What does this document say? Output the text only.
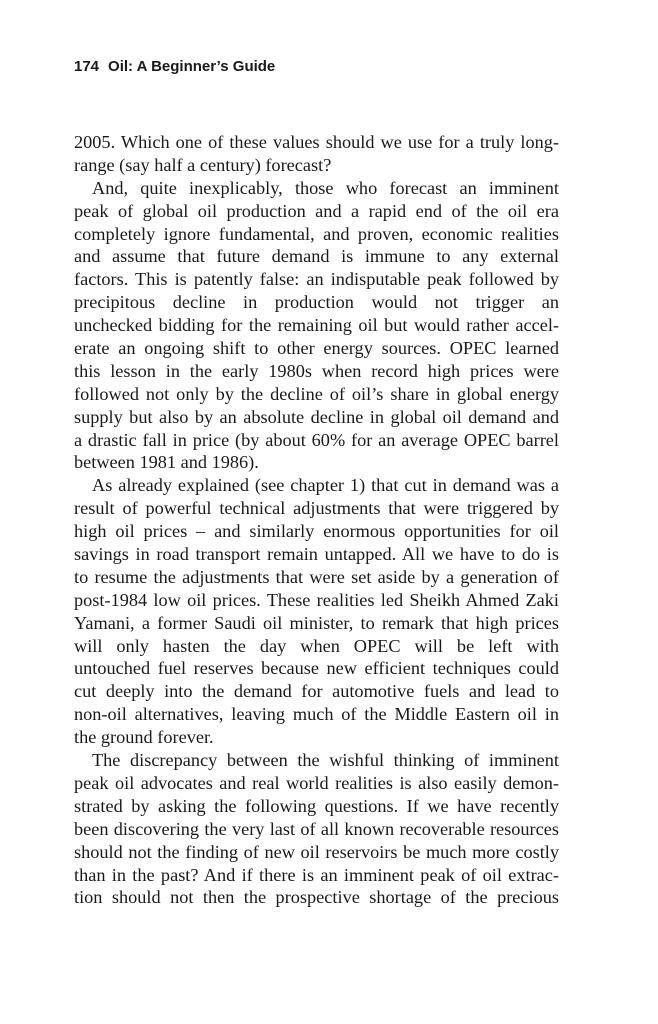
174 Oil: A Beginner’s Guide
2005. Which one of these values should we use for a truly long-
range (say half a century) forecast?
And, quite inexplicably, those who forecast an imminent
peak of global oil production and a rapid end of the oil era
completely ignore fundamental, and proven, economic realities
and assume that future demand is immune to any external
factors. This is patently false: an indisputable peak followed by
precipitous decline in production would not trigger an
unchecked bidding for the remaining oil but would rather accel-
erate an ongoing shift to other energy sources. OPEC learned
this lesson in the early 1980s when record high prices were
followed not only by the decline of oil’s share in global energy
supply but also by an absolute decline in global oil demand and
a drastic fall in price (by about 60% for an average OPEC barrel
between 1981 and 1986).
As already explained (see chapter 1) that cut in demand was a
result of powerful technical adjustments that were triggered by
high oil prices – and similarly enormous opportunities for oil
savings in road transport remain untapped. All we have to do is
to resume the adjustments that were set aside by a generation of
post-1984 low oil prices. These realities led Sheikh Ahmed Zaki
Yamani, a former Saudi oil minister, to remark that high prices
will only hasten the day when OPEC will be left with
untouched fuel reserves because new efficient techniques could
cut deeply into the demand for automotive fuels and lead to
non-oil alternatives, leaving much of the Middle Eastern oil in
the ground forever.
The discrepancy between the wishful thinking of imminent
peak oil advocates and real world realities is also easily demon-
strated by asking the following questions. If we have recently
been discovering the very last of all known recoverable resources
should not the finding of new oil reservoirs be much more costly
than in the past? And if there is an imminent peak of oil extrac-
tion should not then the prospective shortage of the precious
